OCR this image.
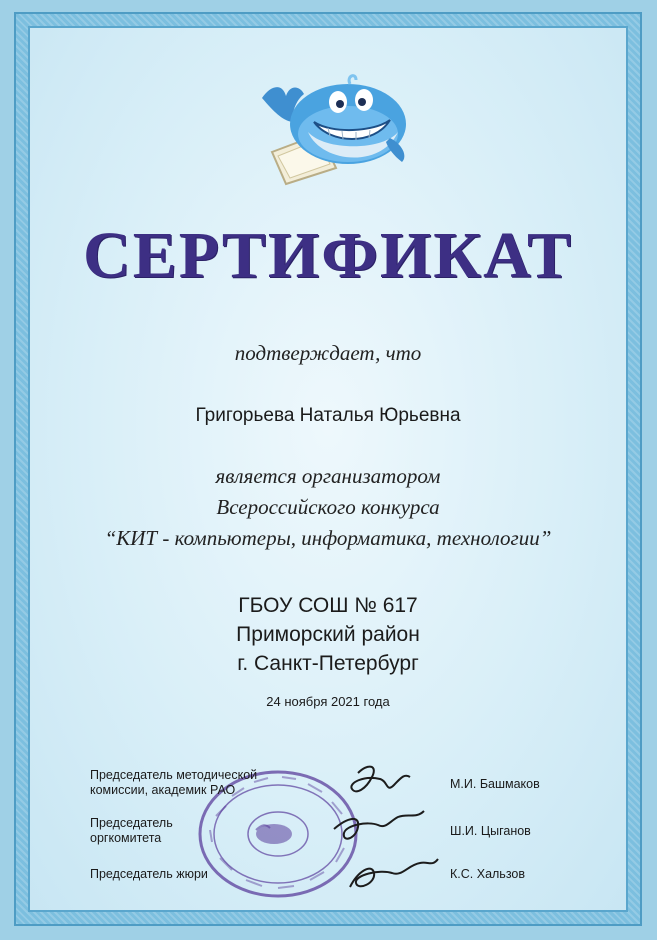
СЕРТИФИКАТ
подтверждает, что
Григорьева Наталья Юрьевна
является организатором
Всероссийского конкурса
“КИТ - компьютеры, информатика, технологии”
ГБОУ СОШ № 617
Приморский район
г. Санкт-Петербург
24 ноября 2021 года
Председатель методической
комиссии, академик РАО	М.И. Башмаков
Председатель
оргкомитета	Ш.И. Цыганов
Председатель жюри	К.С. Хальзов
